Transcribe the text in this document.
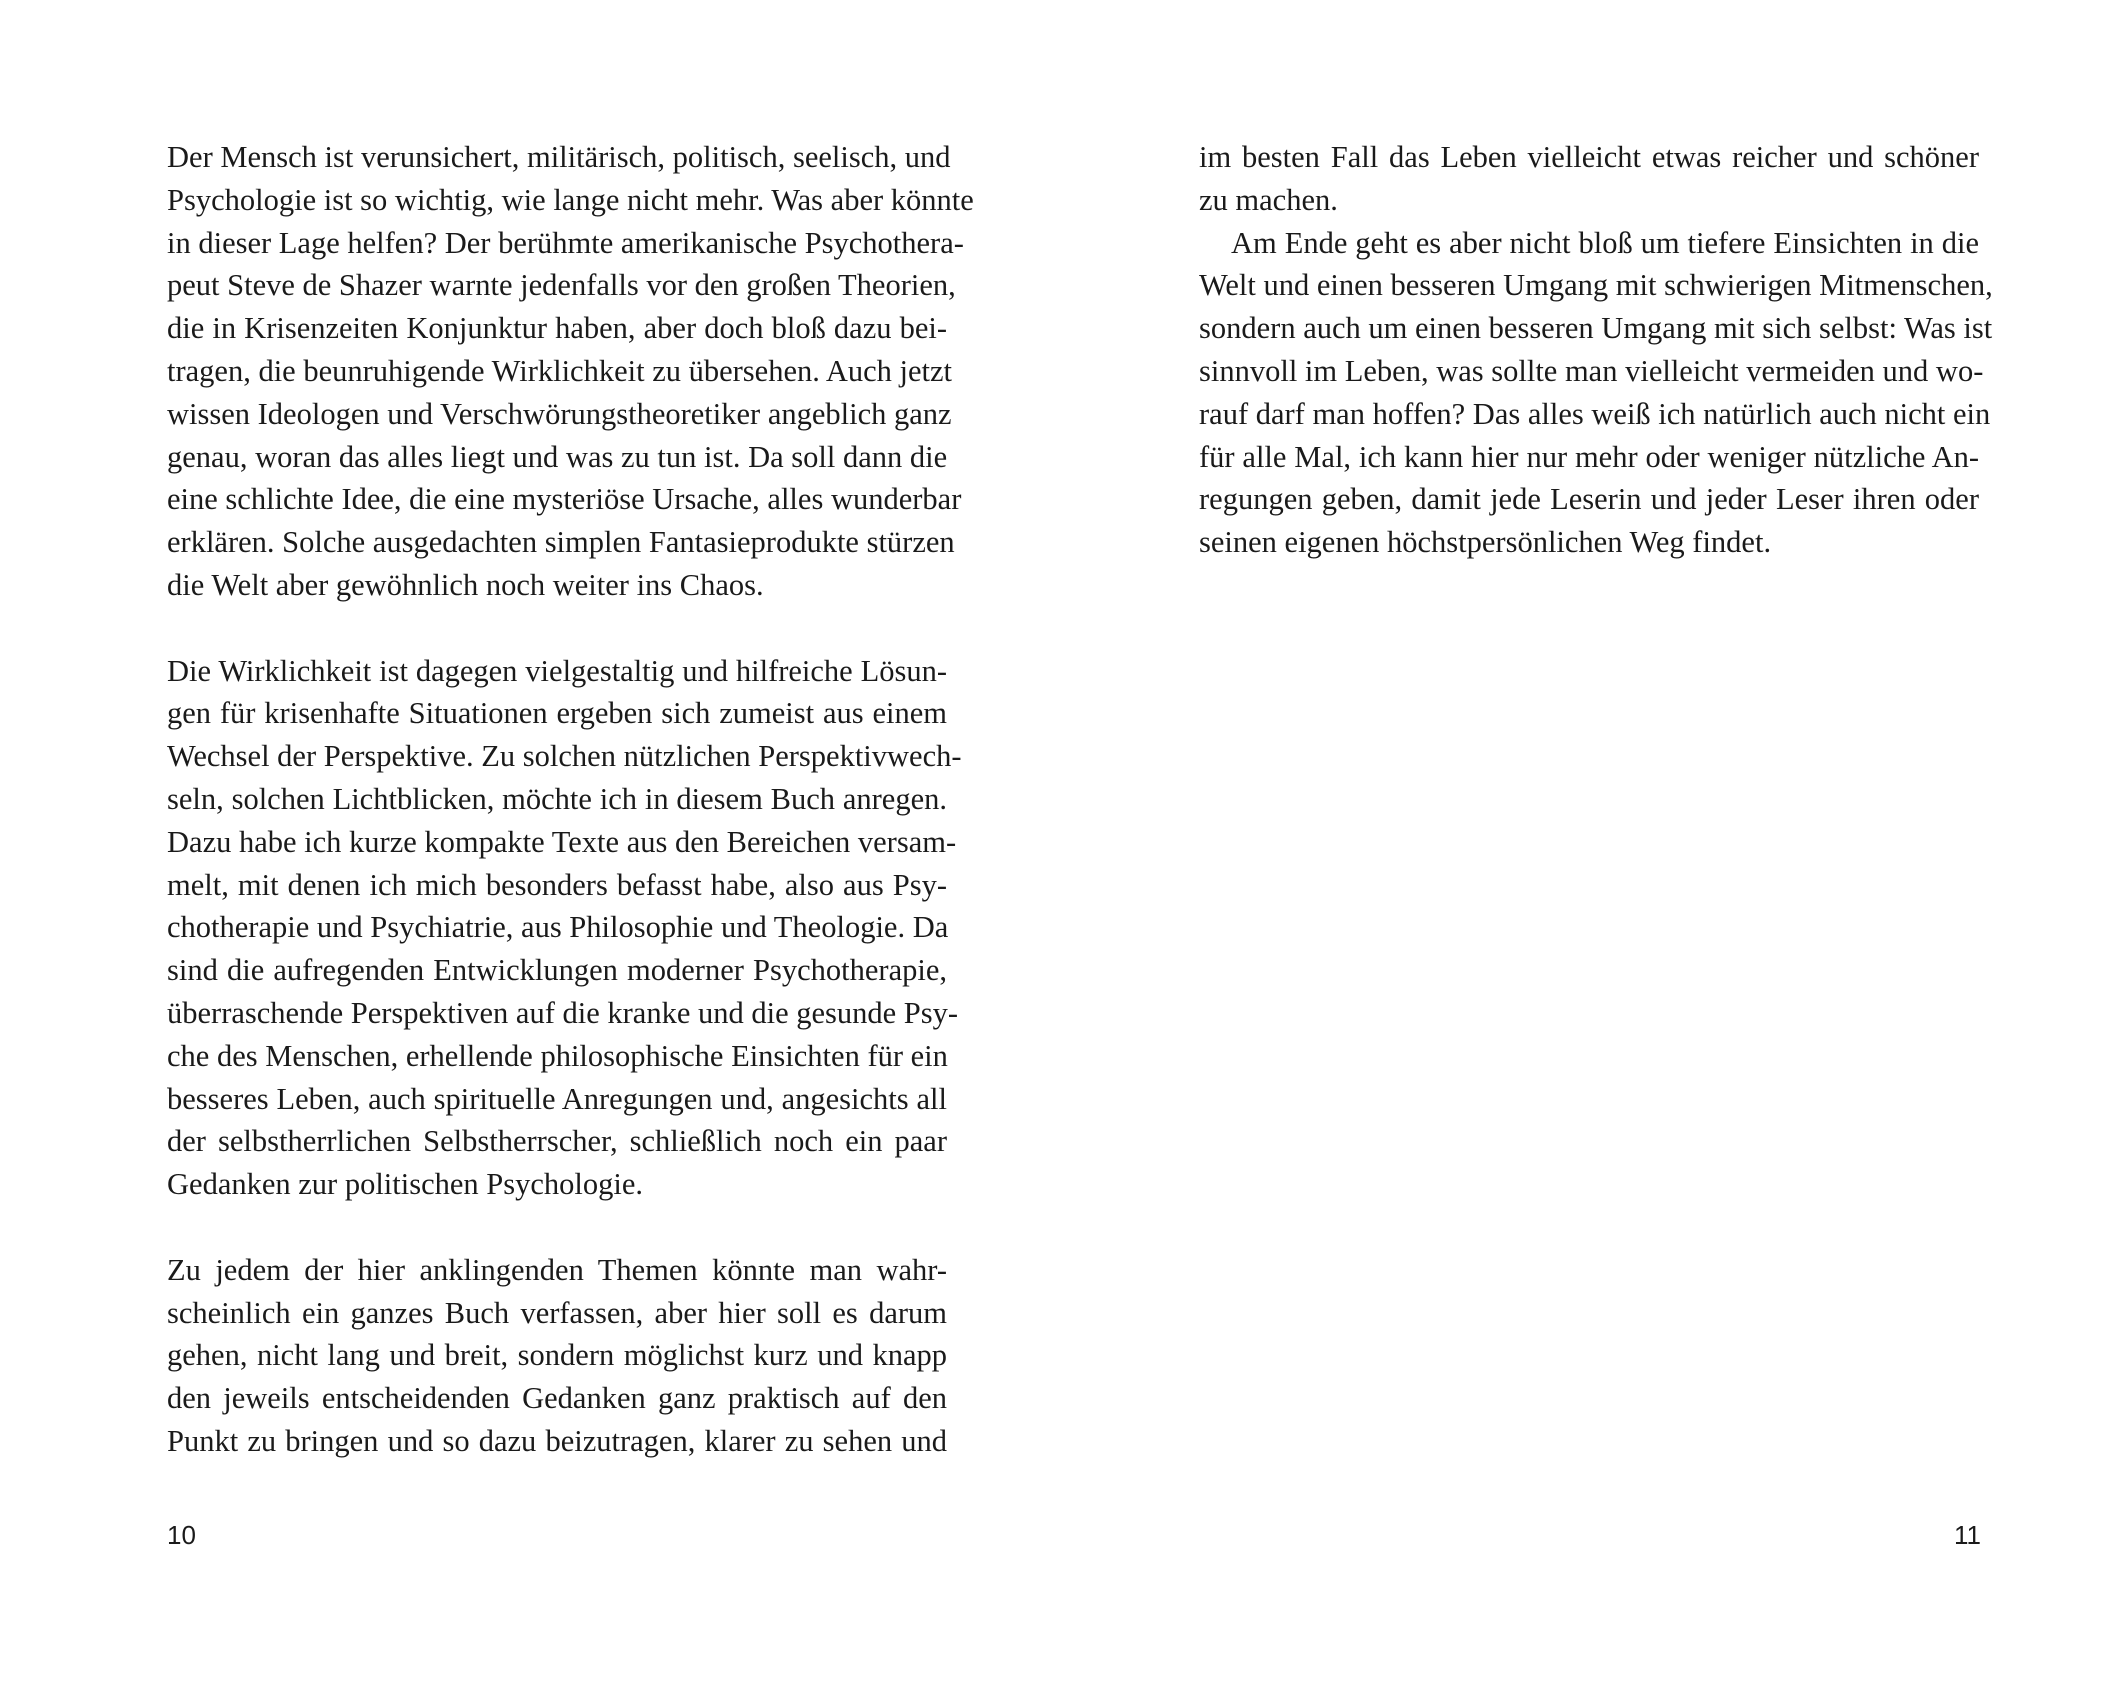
Der Mensch ist verunsichert, militärisch, politisch, seelisch, und
Psychologie ist so wichtig, wie lange nicht mehr. Was aber könnte
in dieser Lage helfen? Der berühmte amerikanische Psychothera-
peut Steve de Shazer warnte jedenfalls vor den großen Theorien,
die in Krisenzeiten Konjunktur haben, aber doch bloß dazu bei-
tragen, die beunruhigende Wirklichkeit zu übersehen. Auch jetzt
wissen Ideologen und Verschwörungstheoretiker angeblich ganz
genau, woran das alles liegt und was zu tun ist. Da soll dann die
eine schlichte Idee, die eine mysteriöse Ursache, alles wunderbar
erklären. Solche ausgedachten simplen Fantasieprodukte stürzen
die Welt aber gewöhnlich noch weiter ins Chaos.
Die Wirklichkeit ist dagegen vielgestaltig und hilfreiche Lösun-
gen für krisenhafte Situationen ergeben sich zumeist aus einem
Wechsel der Perspektive. Zu solchen nützlichen Perspektivwech-
seln, solchen Lichtblicken, möchte ich in diesem Buch anregen.
Dazu habe ich kurze kompakte Texte aus den Bereichen versam-
melt, mit denen ich mich besonders befasst habe, also aus Psy-
chotherapie und Psychiatrie, aus Philosophie und Theologie. Da
sind die aufregenden Entwicklungen moderner Psychotherapie,
überraschende Perspektiven auf die kranke und die gesunde Psy-
che des Menschen, erhellende philosophische Einsichten für ein
besseres Leben, auch spirituelle Anregungen und, angesichts all
der selbstherrlichen Selbstherrscher, schließlich noch ein paar
Gedanken zur politischen Psychologie.
Zu jedem der hier anklingenden Themen könnte man wahr-
scheinlich ein ganzes Buch verfassen, aber hier soll es darum
gehen, nicht lang und breit, sondern möglichst kurz und knapp
den jeweils entscheidenden Gedanken ganz praktisch auf den
Punkt zu bringen und so dazu beizutragen, klarer zu sehen und
10
im besten Fall das Leben vielleicht etwas reicher und schöner
zu machen.
Am Ende geht es aber nicht bloß um tiefere Einsichten in die
Welt und einen besseren Umgang mit schwierigen Mitmenschen,
sondern auch um einen besseren Umgang mit sich selbst: Was ist
sinnvoll im Leben, was sollte man vielleicht vermeiden und wo-
rauf darf man hoffen? Das alles weiß ich natürlich auch nicht ein
für alle Mal, ich kann hier nur mehr oder weniger nützliche An-
regungen geben, damit jede Leserin und jeder Leser ihren oder
seinen eigenen höchstpersönlichen Weg findet.
11
